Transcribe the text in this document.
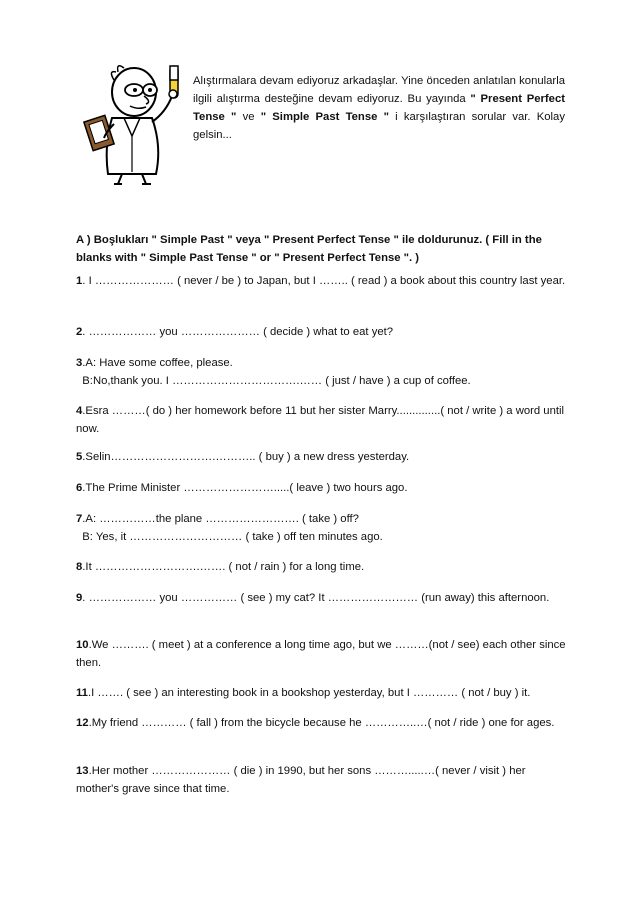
Alıştırmalara devam ediyoruz arkadaşlar. Yine önceden anlatılan konularla ilgili alıştırma desteğine devam ediyoruz. Bu yayında " Present Perfect Tense " ve " Simple Past Tense " i karşılaştıran sorular var. Kolay gelsin...
A ) Boşlukları " Simple Past " veya " Present Perfect Tense " ile doldurunuz. ( Fill in the blanks with " Simple Past Tense " or " Present Perfect Tense ". )
1. I ………………… ( never / be ) to Japan, but I …….. ( read ) a book about this country last year.
2. ……………… you ………………… ( decide ) what to eat yet?
3.A: Have some coffee, please.
B:No,thank you. I …………………………….…… ( just / have ) a cup of coffee.
4.Esra ………( do ) her homework before 11 but her sister Marry..............( not / write ) a word until now.
5.Selin……………………….……….. ( buy ) a new dress yesterday.
6.The Prime Minister …………………….....( leave ) two hours ago.
7.A: ……………the plane ……………………. ( take ) off?
B: Yes, it ………………………… ( take ) off ten minutes ago.
8.It ……………………….……. ( not / rain ) for a long time.
9. ……………… you …………… ( see ) my cat? It …………………… (run away) this afternoon.
10.We ………. ( meet ) at a conference a long time ago, but we ………(not / see) each other since then.
11.I ……. ( see ) an interesting book in a bookshop yesterday, but I ………… ( not / buy ) it.
12.My friend ………… ( fall ) from the bicycle because he …………..…( not / ride ) one for ages.
13.Her mother ………………… ( die ) in 1990, but her sons ……….....…( never / visit ) her mother's grave since that time.
